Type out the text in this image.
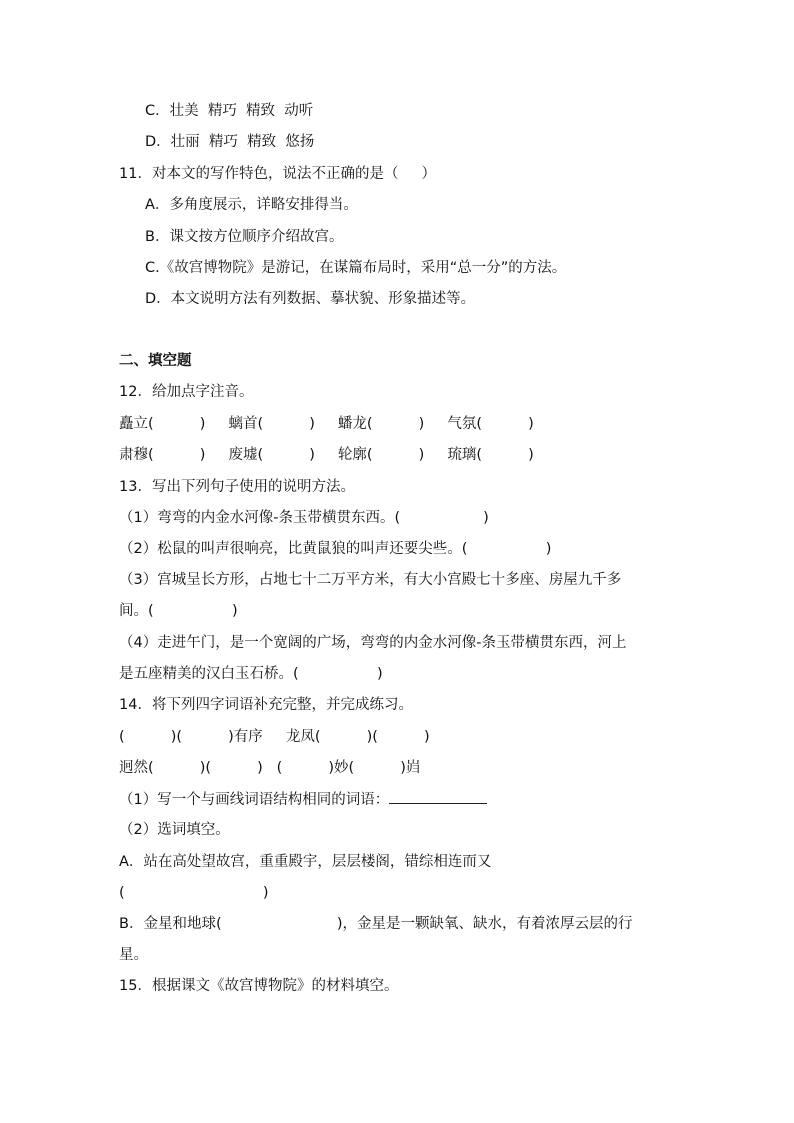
C．壮美  精巧  精致  动听
D．壮丽  精巧  精致  悠扬
11．对本文的写作特色，说法不正确的是（     ）
A．多角度展示，详略安排得当。
B．课文按方位顺序介绍故宫。
C.《故宫博物院》是游记，在谋篇布局时，采用“总一分”的方法。
D．本文说明方法有列数据、摹状貌、形象描述等。
二、填空题
12．给加点字注音。
矗立(          )     螭首(          )     蟠龙(          )     气氛(          )
肃穆(          )     废墟(          )     轮廓(          )     琉璃(          )
13．写出下列句子使用的说明方法。
（1）弯弯的内金水河像-条玉带横贯东西。(                  )
（2）松鼠的叫声很响亮，比黄鼠狼的叫声还要尖些。(                 )
（3）宫城呈长方形，占地七十二万平方米，有大小宫殿七十多座、房屋九千多
间。(                 )
（4）走进午门，是一个宽阔的广场，弯弯的内金水河像-条玉带横贯东西，河上
是五座精美的汉白玉石桥。(                 )
14．将下列四字词语补充完整，并完成练习。
(          )(          )有序     龙凤(          )(          )
迥然(          )(          )   (          )妙(          )岿
（1）写一个与画线词语结构相同的词语：
（2）选词填空。
A．站在高处望故宫，重重殿宇，层层楼阁，错综相连而又
(                              )
B．金星和地球(                         )，金星是一颗缺氧、缺水，有着浓厚云层的行
星。
15．根据课文《故宫博物院》的材料填空。
